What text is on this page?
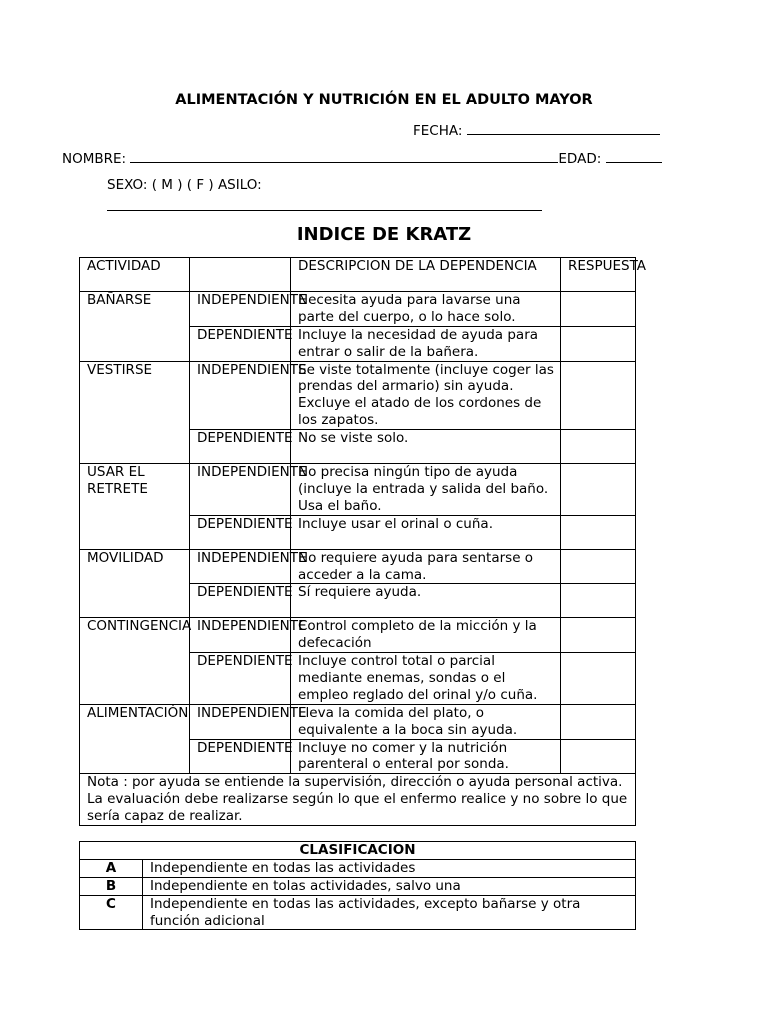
ALIMENTACIÓN Y NUTRICIÓN EN EL ADULTO MAYOR
FECHA:
NOMBRE:	EDAD:
SEXO: ( M ) ( F ) ASILO:
INDICE DE KRATZ
ACTIVIDAD		DESCRIPCION DE LA DEPENDENCIA	RESPUESTA
BAÑARSE	INDEPENDIENTE	Necesita ayuda para lavarse una parte del cuerpo, o lo hace solo.	
	DEPENDIENTE	Incluye la necesidad de ayuda para entrar o salir de la bañera.	
VESTIRSE	INDEPENDIENTE	Se viste totalmente (incluye coger las prendas del armario) sin ayuda. Excluye el atado de los cordones de los zapatos.	
	DEPENDIENTE	No se viste solo.	
USAR EL RETRETE	INDEPENDIENTE	No precisa ningún tipo de ayuda (incluye la entrada y salida del baño. Usa el baño.	
	DEPENDIENTE	Incluye usar el orinal o cuña.	
MOVILIDAD	INDEPENDIENTE	No requiere ayuda para sentarse o acceder a la cama.	
	DEPENDIENTE	Sí requiere ayuda.	
CONTINGENCIA	INDEPENDIENTE	Control completo de la micción y la defecación	
	DEPENDIENTE	Incluye control total o parcial mediante enemas, sondas o el empleo reglado del orinal y/o cuña.	
ALIMENTACIÓN	INDEPENDIENTE	Lleva la comida del plato, o equivalente a la boca sin ayuda.	
	DEPENDIENTE	Incluye no comer y la nutrición parenteral o enteral por sonda.	
Nota : por ayuda se entiende la supervisión, dirección o ayuda personal activa. La evaluación debe realizarse según lo que el enfermo realice y no sobre lo que sería capaz de realizar.			
CLASIFICACION	
A	Independiente en todas las actividades
B	Independiente en tolas actividades, salvo una
C	Independiente en todas las actividades, excepto bañarse y otra función adicional
